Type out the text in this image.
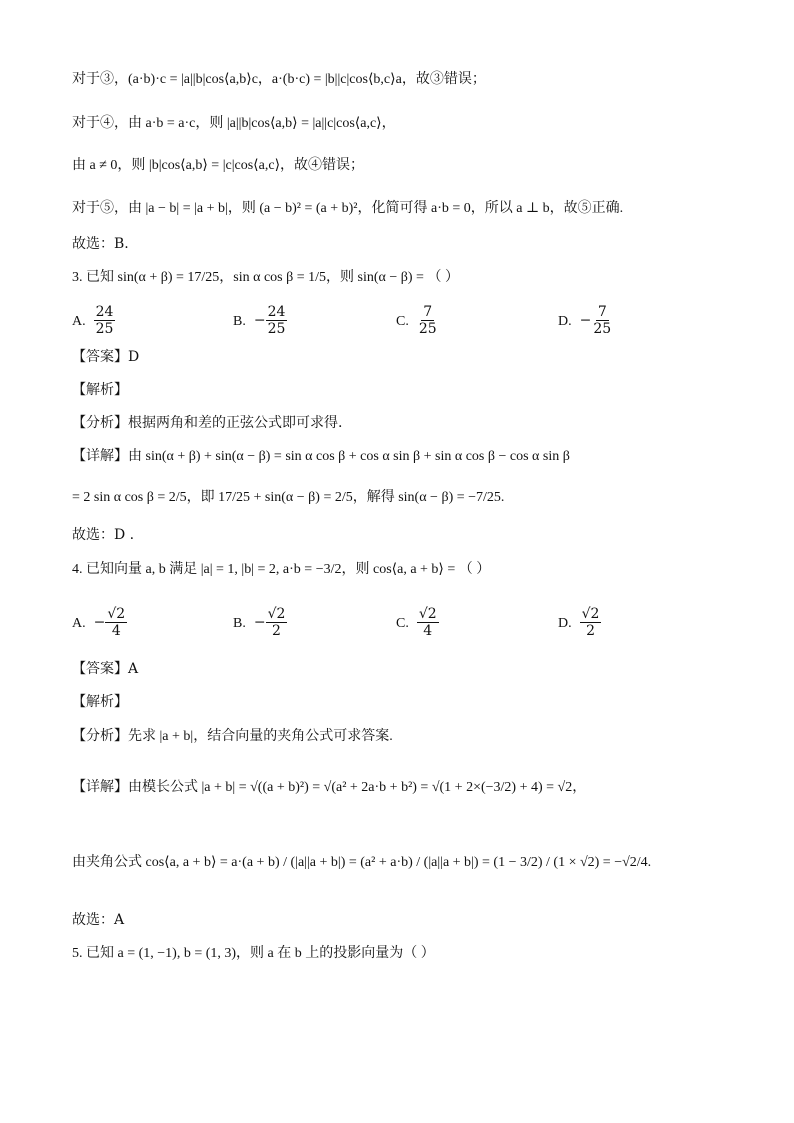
对于③，(a·b)·c = |a||b|cos⟨a,b⟩c，a·(b·c) = |b||c|cos⟨b,c⟩a，故③错误；
对于④，由 a·b = a·c，则 |a||b|cos⟨a,b⟩ = |a||c|cos⟨a,c⟩，
由 a ≠ 0，则 |b|cos⟨a,b⟩ = |c|cos⟨a,c⟩，故④错误；
对于⑤，由 |a − b| = |a + b|，则 (a − b)² = (a + b)²，化简可得 a·b = 0，所以 a ⊥ b，故⑤正确.
故选：B.
3. 已知 sin(α + β) = 17/25，sin α cos β = 1/5，则 sin(α − β) = （ ）
A. $\frac{24}{25}$	B. − $\frac{24}{25}$	C. $\frac{7}{25}$	D. − $\frac{7}{25}$
【答案】D
【解析】
【分析】根据两角和差的正弦公式即可求得.
【详解】由 sin(α + β) + sin(α − β) = sin α cos β + cos α sin β + sin α cos β − cos α sin β
= 2 sin α cos β = 2/5，即 17/25 + sin(α − β) = 2/5，解得 sin(α − β) = −7/25.
故选：D .
4. 已知向量 a, b 满足 |a| = 1, |b| = 2, a·b = −3/2，则 cos⟨a, a + b⟩ = （ ）
A. − $\frac{√2}{4}$	B. − $\frac{√2}{2}$	C. $\frac{√2}{4}$	D. $\frac{√2}{2}$
【答案】A
【解析】
【分析】先求 |a + b|，结合向量的夹角公式可求答案.
【详解】由模长公式 |a + b| = √((a + b)²) = √(a² + 2a·b + b²) = √(1 + 2×(−3/2) + 4) = √2，
由夹角公式 cos⟨a, a + b⟩ = a·(a + b) / (|a||a + b|) = (a² + a·b) / (|a||a + b|) = (1 − 3/2) / (1 × √2) = −√2/4.
故选：A
5. 已知 a = (1, −1), b = (1, 3)，则 a 在 b 上的投影向量为（ ）
